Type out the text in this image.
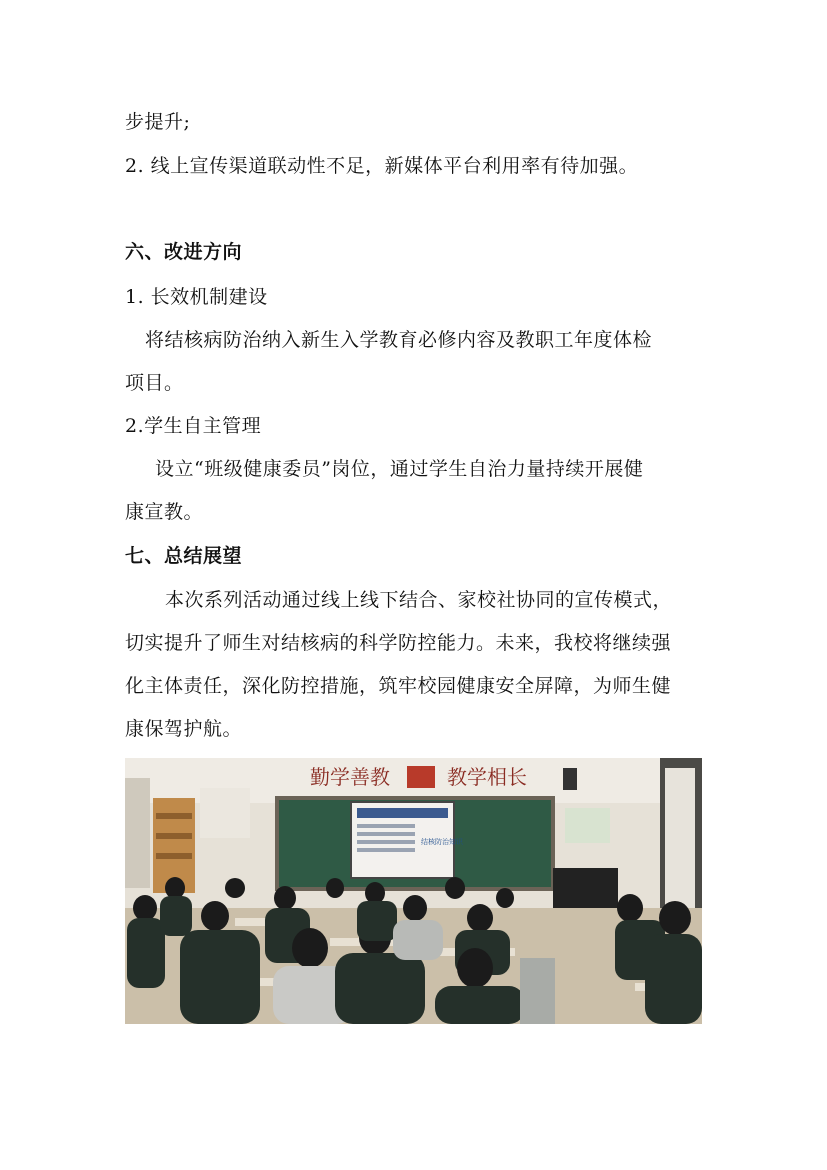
步提升;
2. 线上宣传渠道联动性不足，新媒体平台利用率有待加强。
六、改进方向
1. 长效机制建设
将结核病防治纳入新生入学教育必修内容及教职工年度体检
项目。
2.学生自主管理
设立“班级健康委员”岗位，通过学生自治力量持续开展健
康宣教。
七、总结展望
本次系列活动通过线上线下结合、家校社协同的宣传模式，
切实提升了师生对结核病的科学防控能力。未来，我校将继续强
化主体责任，深化防控措施，筑牢校园健康安全屏障，为师生健
康保驾护航。
勤学善教	教学相长
结核防治知识
